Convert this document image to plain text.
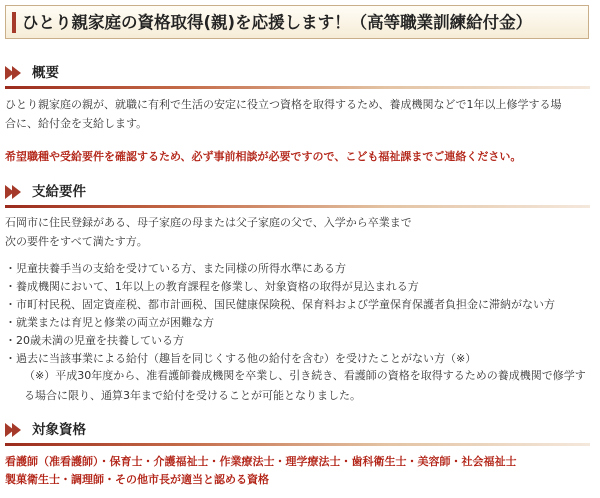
ひとり親家庭の資格取得(親)を応援します！（高等職業訓練給付金）
概要
ひとり親家庭の親が、就職に有利で生活の安定に役立つ資格を取得するため、養成機関などで1年以上修学する場
合に、給付金を支給します。
希望職種や受給要件を確認するため、必ず事前相談が必要ですので、こども福祉課までご連絡ください。
支給要件
石岡市に住民登録がある、母子家庭の母または父子家庭の父で、入学から卒業まで
次の要件をすべて満たす方。
・児童扶養手当の支給を受けている方、また同様の所得水準にある方
・養成機関において、1年以上の教育課程を修業し、対象資格の取得が見込まれる方
・市町村民税、固定資産税、都市計画税、国民健康保険税、保育料および学童保育保護者負担金に滞納がない方
・就業または育児と修業の両立が困難な方
・20歳未満の児童を扶養している方
・過去に当該事業による給付（趣旨を同じくする他の給付を含む）を受けたことがない方（※）
（※）平成30年度から、准看護師養成機関を卒業し、引き続き、看護師の資格を取得するための養成機関で修学す
る場合に限り、通算3年まで給付を受けることが可能となりました。
対象資格
看護師（准看護師）・保育士・介護福祉士・作業療法士・理学療法士・歯科衛生士・美容師・社会福祉士
製菓衛生士・調理師・その他市長が適当と認める資格
